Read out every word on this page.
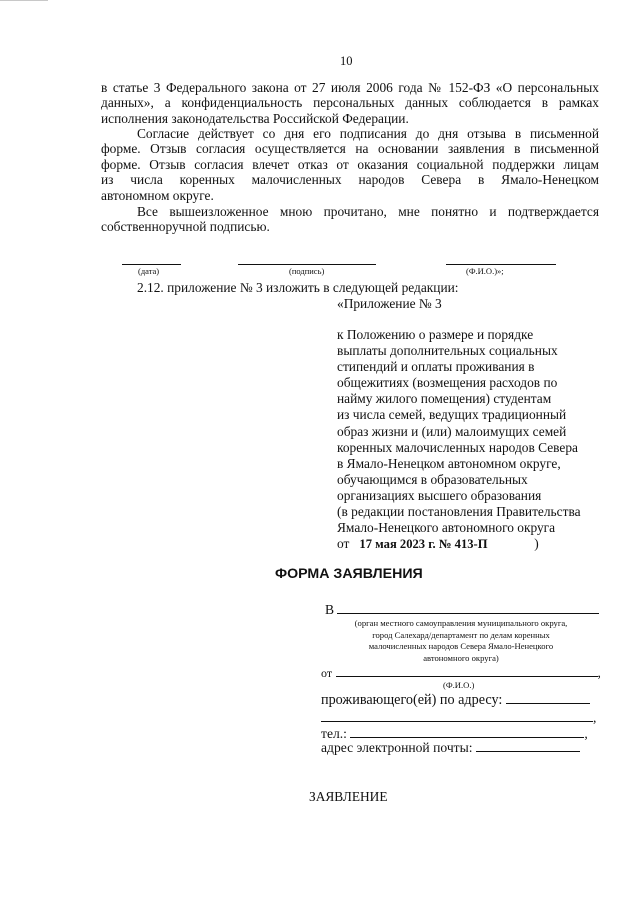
10
в статье 3 Федерального закона от 27 июля 2006 года № 152-ФЗ «О персональных
данных», а конфиденциальность персональных данных соблюдается в рамках
исполнения законодательства Российской Федерации.
Согласие действует со дня его подписания до дня отзыва в письменной
форме. Отзыв согласия осуществляется на основании заявления в письменной
форме. Отзыв согласия влечет отказ от оказания социальной поддержки лицам
из числа коренных малочисленных народов Севера в Ямало-Ненецком
автономном округе.
Все вышеизложенное мною прочитано, мне понятно и подтверждается
собственноручной подписью.
(дата)	(подпись)	(Ф.И.О.)»;
2.12. приложение № 3 изложить в следующей редакции:
«Приложение № 3
к Положению о размере и порядке
выплаты дополнительных социальных
стипендий и оплаты проживания в
общежитиях (возмещения расходов по
найму жилого помещения) студентам
из числа семей, ведущих традиционный
образ жизни и (или) малоимущих семей
коренных малочисленных народов Севера
в Ямало-Ненецком автономном округе,
обучающимся в образовательных
организациях высшего образования
(в редакции постановления Правительства
Ямало-Ненецкого автономного округа
от 17 мая 2023 г. № 413-П	)
ФОРМА ЗАЯВЛЕНИЯ
В
(орган местного самоуправления муниципального округа,
город Салехард/департамент по делам коренных
малочисленных народов Севера Ямало-Ненецкого
автономного округа)
от	,
(Ф.И.О.)
проживающего(ей) по адресу:
,
тел.:	,
адрес электронной почты:
ЗАЯВЛЕНИЕ
